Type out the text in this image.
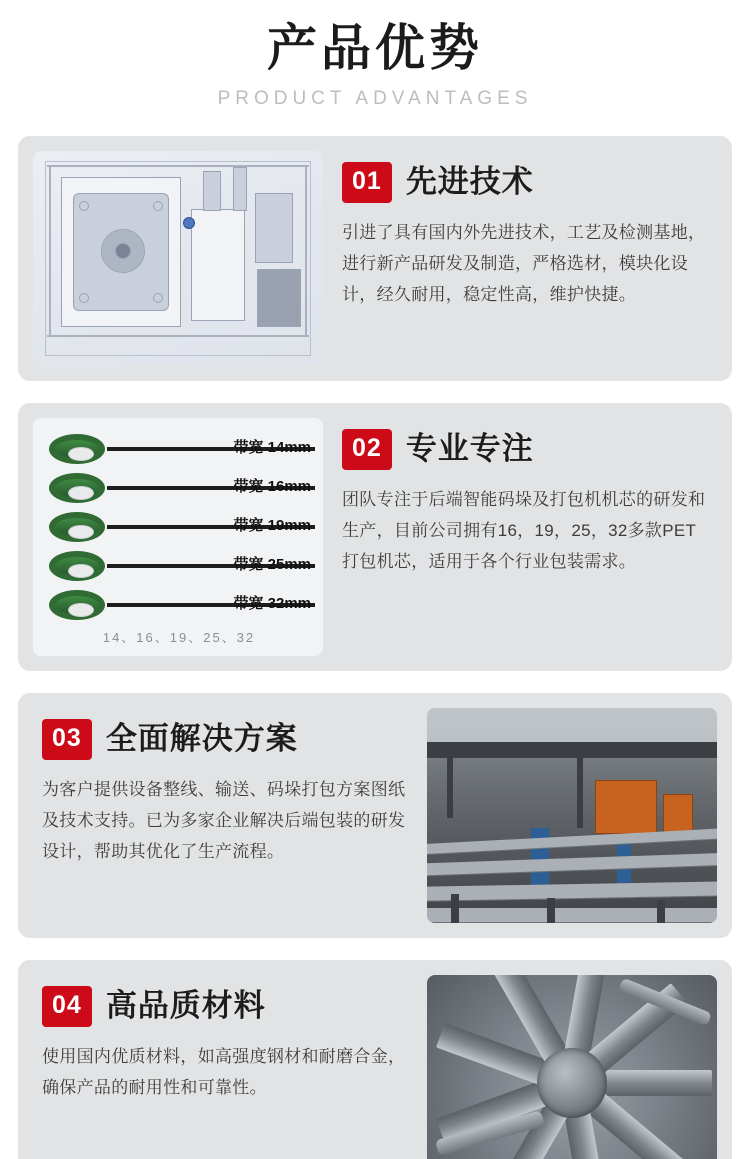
产品优势
PRODUCT ADVANTAGES
01 先进技术
引进了具有国内外先进技术，工艺及检测基地，进行新产品研发及制造，严格选材，模块化设计，经久耐用，稳定性高，维护快捷。
带宽 14mm
带宽 16mm
带宽 19mm
带宽 25mm
带宽 32mm
14、16、19、25、32
02 专业专注
团队专注于后端智能码垛及打包机机芯的研发和生产，目前公司拥有16，19，25，32多款PET打包机芯，适用于各个行业包装需求。
03 全面解决方案
为客户提供设备整线、输送、码垛打包方案图纸及技术支持。已为多家企业解决后端包装的研发设计，帮助其优化了生产流程。
04 高品质材料
使用国内优质材料，如高强度钢材和耐磨合金，确保产品的耐用性和可靠性。
